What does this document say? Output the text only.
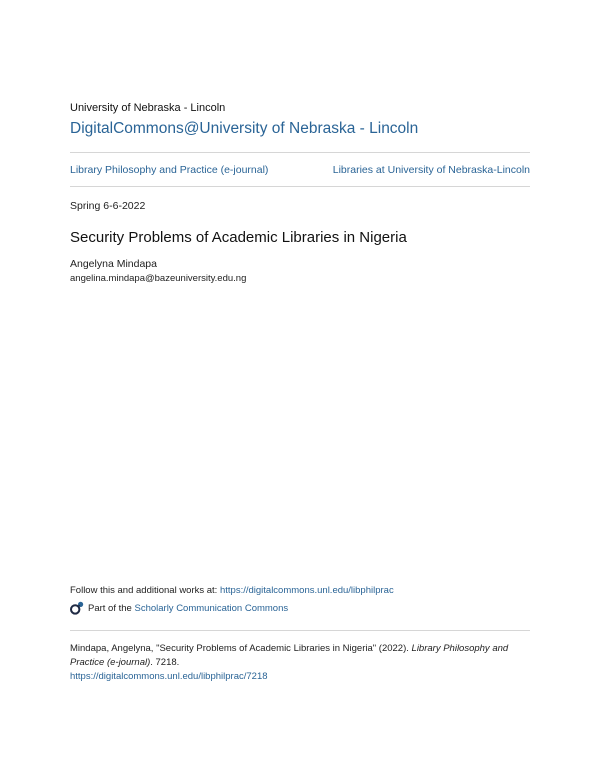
University of Nebraska - Lincoln
DigitalCommons@University of Nebraska - Lincoln
Library Philosophy and Practice (e-journal)	Libraries at University of Nebraska-Lincoln
Spring 6-6-2022
Security Problems of Academic Libraries in Nigeria
Angelyna Mindapa
angelina.mindapa@bazeuniversity.edu.ng
Follow this and additional works at: https://digitalcommons.unl.edu/libphilprac
Part of the
Scholarly Communication Commons
Mindapa, Angelyna, "Security Problems of Academic Libraries in Nigeria" (2022). Library Philosophy and Practice (e-journal). 7218.
https://digitalcommons.unl.edu/libphilprac/7218
